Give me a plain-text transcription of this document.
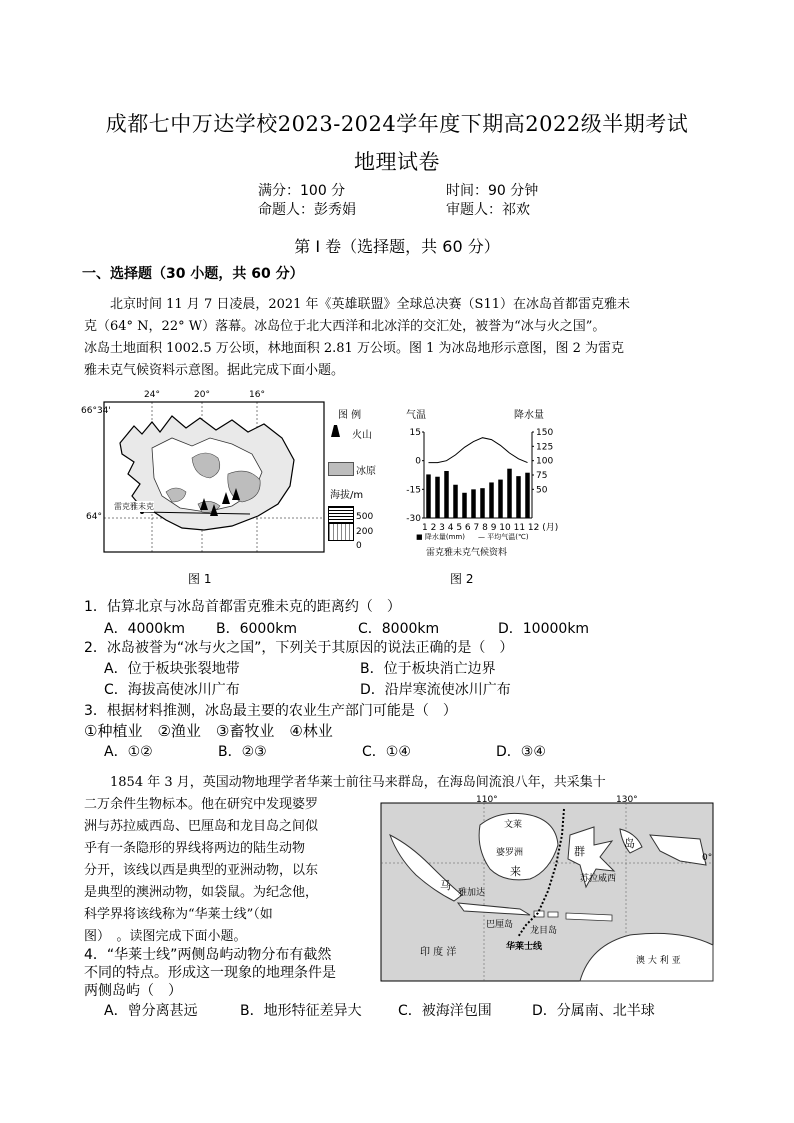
成都七中万达学校2023-2024学年度下期高2022级半期考试
地理试卷
满分：100 分	时间：90 分钟
命题人：彭秀娟	审题人：祁欢
第 I 卷（选择题，共 60 分）
一、选择题（30 小题，共 60 分）
北京时间 11 月 7 日凌晨，2021 年《英雄联盟》全球总决赛（S11）在冰岛首都雷克雅未
克（64° N，22° W）落幕。冰岛位于北大西洋和北冰洋的交汇处，被誉为“冰与火之国”。
冰岛土地面积 1002.5 万公顷，林地面积 2.81 万公顷。图 1 为冰岛地形示意图，图 2 为雷克
雅未克气候资料示意图。据此完成下面小题。
66°34'
64°
24°	20°	16°
雷克雅未克
图 例
火山
冰原
海拔/m
500
200
0
图 1
气温	降水量
15
0
-15
-30
150
125
100
75
50
1 2 3 4 5 6 7 8 9 10 11 12 (月)
■ 降水量(mm) — 平均气温(℃)
雷克雅未克气候资料
图 2
1．估算北京与冰岛首都雷克雅未克的距离约（　）
A．4000km B．6000km	C．8000km	D．10000km
2．冰岛被誉为“冰与火之国”，下列关于其原因的说法正确的是（　）
A．位于板块张裂地带	B．位于板块消亡边界
C．海拔高使冰川广布	D．沿岸寒流使冰川广布
3．根据材料推测，冰岛最主要的农业生产部门可能是（　）
①种植业　②渔业　③畜牧业　④林业
A．①②	B．②③	C．①④	D．③④
1854 年 3 月，英国动物地理学者华莱士前往马来群岛，在海岛间流浪八年，共采集十
二万余件生物标本。他在研究中发现婆罗
洲与苏拉威西岛、巴厘岛和龙目岛之间似
乎有一条隐形的界线将两边的陆生动物
分开，该线以西是典型的亚洲动物，以东
是典型的澳洲动物，如袋鼠。为纪念他，
科学界将该线称为“华莱士线”（如
图）　。读图完成下面小题。
110°	130°
0°
文莱
婆罗洲
马
来
群
岛
苏拉威西
雅加达
巴厘岛
龙目岛
印 度 洋	华莱士线
澳 大 利 亚
4．“华莱士线”两侧岛屿动物分布有截然
不同的特点。形成这一现象的地理条件是
两侧岛屿（　）
A．曾分离甚远	B．地形特征差异大	C．被海洋包围	D．分属南、北半球
